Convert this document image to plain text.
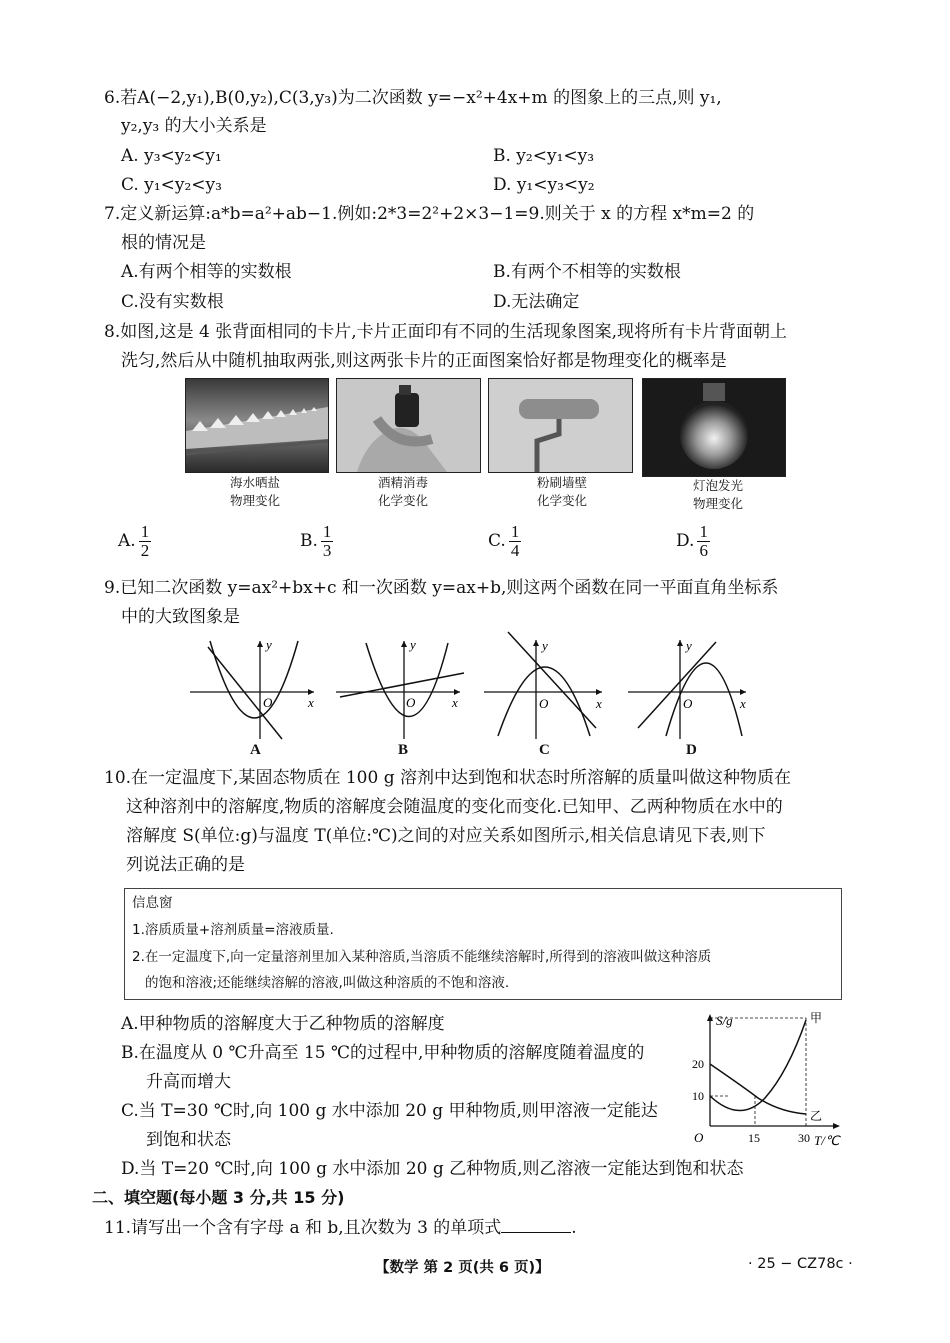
6.若A(−2,y₁),B(0,y₂),C(3,y₃)为二次函数 y=−x²+4x+m 的图象上的三点,则 y₁,
y₂,y₃ 的大小关系是
A. y₃<y₂<y₁	B. y₂<y₁<y₃
C. y₁<y₂<y₃	D. y₁<y₃<y₂
7.定义新运算:a*b=a²+ab−1.例如:2*3=2²+2×3−1=9.则关于 x 的方程 x*m=2 的
根的情况是
A.有两个相等的实数根	B.有两个不相等的实数根
C.没有实数根	D.无法确定
8.如图,这是 4 张背面相同的卡片,卡片正面印有不同的生活现象图案,现将所有卡片背面朝上
洗匀,然后从中随机抽取两张,则这两张卡片的正面图案恰好都是物理变化的概率是
海水晒盐
物理变化
酒精消毒
化学变化
粉刷墙壁
化学变化
灯泡发光
物理变化
A. $\frac{1}{2}$	B. $\frac{1}{3}$	C. $\frac{1}{4}$	D. $\frac{1}{6}$
9.已知二次函数 y=ax²+bx+c 和一次函数 y=ax+b,则这两个函数在同一平面直角坐标系
中的大致图象是
y
x
O
y
x
O
y
x
O
y
x
O
A	B	C	D
10.在一定温度下,某固态物质在 100 g 溶剂中达到饱和状态时所溶解的质量叫做这种物质在
这种溶剂中的溶解度,物质的溶解度会随温度的变化而变化.已知甲、乙两种物质在水中的
溶解度 S(单位:g)与温度 T(单位:℃)之间的对应关系如图所示,相关信息请见下表,则下
列说法正确的是
信息窗
1.溶质质量+溶剂质量=溶液质量.
2.在一定温度下,向一定量溶剂里加入某种溶质,当溶质不能继续溶解时,所得到的溶液叫做这种溶质
的饱和溶液;还能继续溶解的溶液,叫做这种溶质的不饱和溶液.
A.甲种物质的溶解度大于乙种物质的溶解度
B.在温度从 0 ℃升高至 15 ℃的过程中,甲种物质的溶解度随着温度的
升高而增大
C.当 T=30 ℃时,向 100 g 水中添加 20 g 甲种物质,则甲溶液一定能达
到饱和状态
D.当 T=20 ℃时,向 100 g 水中添加 20 g 乙种物质,则乙溶液一定能达到饱和状态
S/g
T/℃
O
20
10
15	30
甲
乙
二、填空题(每小题 3 分,共 15 分)
11.请写出一个含有字母 a 和 b,且次数为 3 的单项式	.
【数学 第 2 页(共 6 页)】	· 25 − CZ78c ·
